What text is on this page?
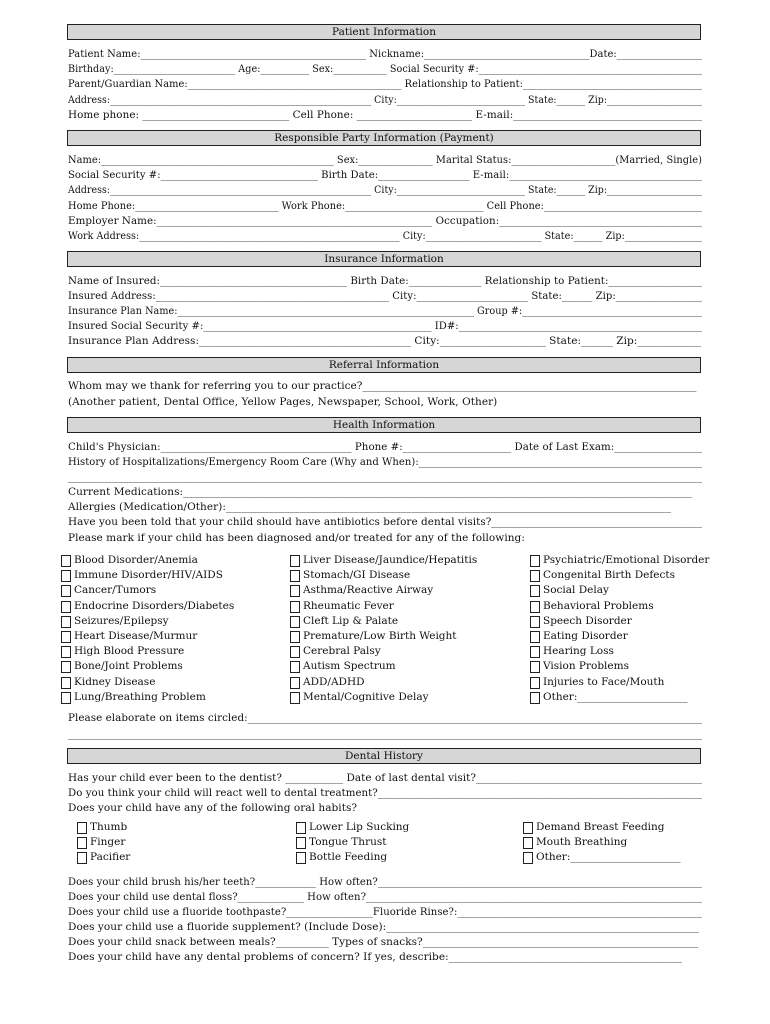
Patient Information
Patient Name:_____________________________________________ Nickname:_________________________________Date:_________________
Birthday:_________________________ Age:__________ Sex:___________ Social Security #:______________________________________________
Parent/Guardian Name:___________________________________________ Relationship to Patient:____________________________________
Address:_______________________________________________________ City:___________________________ State:______ Zip:____________________
Home phone: ____________________________ Cell Phone: ______________________ E-mail:____________________________________
Responsible Party Information (Payment)
Name:_______________________________________________ Sex:_______________ Marital Status:_____________________(Married, Single)
Social Security #:_______________________________ Birth Date:__________________ E-mail:______________________________________
Address:_______________________________________________________ City:___________________________ State:______ Zip:____________________
Home Phone:_____________________________ Work Phone:____________________________ Cell Phone:________________________________
Employer Name:_____________________________________________________ Occupation:_______________________________________
Work Address:______________________________________________________ City:________________________ State:______ Zip:________________
Insurance Information
Name of Insured:____________________________________ Birth Date:______________ Relationship to Patient:__________________
Insured Address:______________________________________________ City:______________________ State:______ Zip:_________________
Insurance Plan Name:_____________________________________________________________ Group #:_____________________________________
Insured Social Security #:_____________________________________________ ID#:________________________________________________
Insurance Plan Address:________________________________________ City:____________________ State:______ Zip:____________
Referral Information
Whom may we thank for referring you to our practice?_______________________________________________________________
(Another patient, Dental Office, Yellow Pages, Newspaper, School, Work, Other)
Health Information
Child's Physician:_____________________________________ Phone #:_____________________ Date of Last Exam:_________________
History of Hospitalizations/Emergency Room Care (Why and When):________________________________________________________
______________________________________________________________________________________________________________________________
Current Medications:________________________________________________________________________________________________
Allergies (Medication/Other):____________________________________________________________________________________
Have you been told that your child should have antibiotics before dental visits?________________________________________
Please mark if your child has been diagnosed and/or treated for any of the following:
Blood Disorder/Anemia
Immune Disorder/HIV/AIDS
Cancer/Tumors
Endocrine Disorders/Diabetes
Seizures/Epilepsy
Heart Disease/Murmur
High Blood Pressure
Bone/Joint Problems
Kidney Disease
Lung/Breathing Problem
Liver Disease/Jaundice/Hepatitis
Stomach/GI Disease
Asthma/Reactive Airway
Rheumatic Fever
Cleft Lip & Palate
Premature/Low Birth Weight
Cerebral Palsy
Autism Spectrum
ADD/ADHD
Mental/Cognitive Delay
Psychiatric/Emotional Disorder
Congenital Birth Defects
Social Delay
Behavioral Problems
Speech Disorder
Eating Disorder
Hearing Loss
Vision Problems
Injuries to Face/Mouth
Other:_____________________
Please elaborate on items circled:_______________________________________________________________________________________
______________________________________________________________________________________________________________________________
Dental History
Has your child ever been to the dentist? ___________ Date of last dental visit?___________________________________________
Do you think your child will react well to dental treatment?_______________________________________________________________
Does your child have any of the following oral habits?
Thumb
Finger
Pacifier
Lower Lip Sucking
Tongue Thrust
Bottle Feeding
Demand Breast Feeding
Mouth Breathing
Other:_____________________
Does your child brush his/her teeth?____________ How often?________________________________________________________________
Does your child use dental floss?_____________ How often?__________________________________________________________________
Does your child use a fluoride toothpaste?_________________Fluoride Rinse?:________________________________________________
Does your child use a fluoride supplement? (Include Dose):___________________________________________________________
Does your child snack between meals?__________ Types of snacks?____________________________________________________
Does your child have any dental problems of concern? If yes, describe:____________________________________________
